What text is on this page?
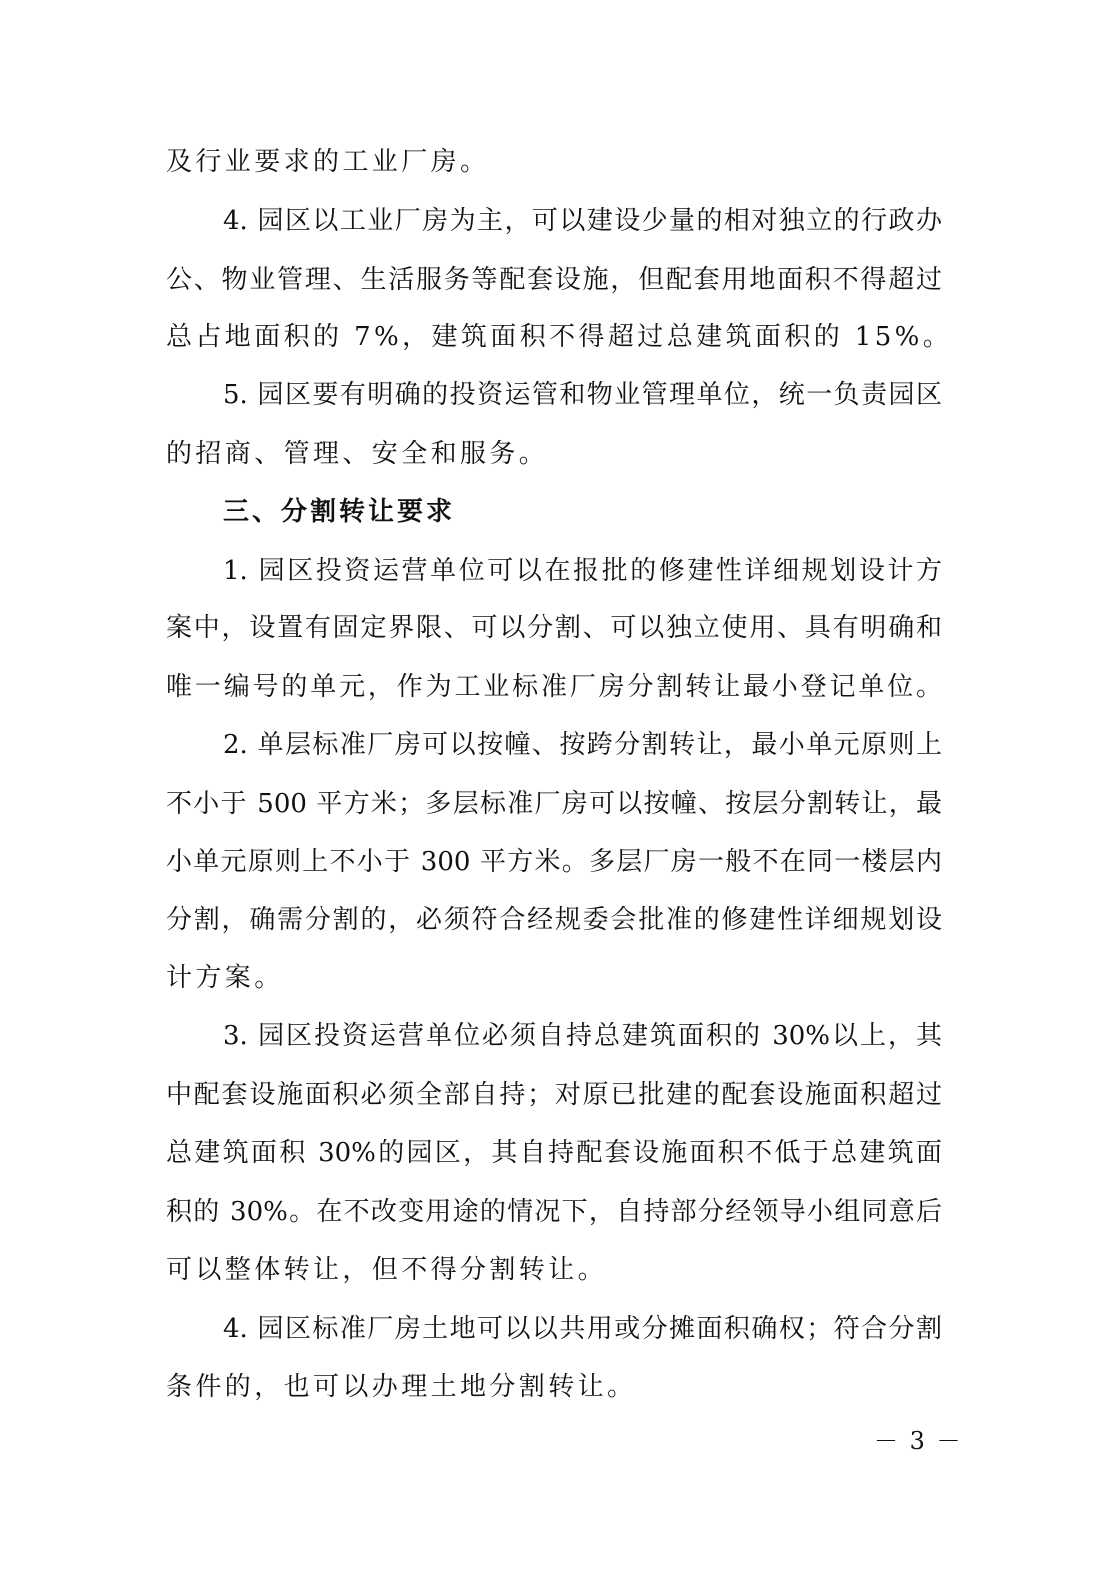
及行业要求的工业厂房。
4. 园区以工业厂房为主，可以建设少量的相对独立的行政办
公、物业管理、生活服务等配套设施，但配套用地面积不得超过
总占地面积的 7%，建筑面积不得超过总建筑面积的 15%。
5. 园区要有明确的投资运管和物业管理单位，统一负责园区
的招商、管理、安全和服务。
三、分割转让要求
1. 园区投资运营单位可以在报批的修建性详细规划设计方
案中，设置有固定界限、可以分割、可以独立使用、具有明确和
唯一编号的单元，作为工业标准厂房分割转让最小登记单位。
2. 单层标准厂房可以按幢、按跨分割转让，最小单元原则上
不小于 500 平方米；多层标准厂房可以按幢、按层分割转让，最
小单元原则上不小于 300 平方米。多层厂房一般不在同一楼层内
分割，确需分割的，必须符合经规委会批准的修建性详细规划设
计方案。
3. 园区投资运营单位必须自持总建筑面积的 30%以上，其
中配套设施面积必须全部自持；对原已批建的配套设施面积超过
总建筑面积 30%的园区，其自持配套设施面积不低于总建筑面
积的 30%。在不改变用途的情况下，自持部分经领导小组同意后
可以整体转让，但不得分割转让。
4. 园区标准厂房土地可以以共用或分摊面积确权；符合分割
条件的，也可以办理土地分割转让。
－ 3 －
